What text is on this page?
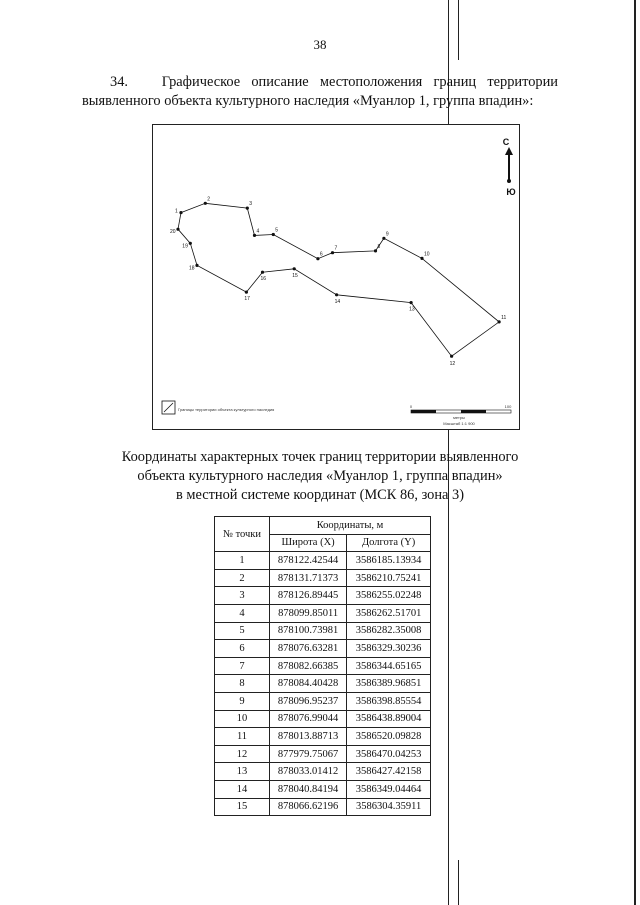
38
34. Графическое описание местоположения границ территории выявленного объекта культурного наследия «Муанлор 1, группа впадин»:
1
2
3
4	5
6
7	8
9
10
11
12
13
14
15
16
17
18
19
20
С
Ю
0	100
метры
Масштаб 1:1 900
Границы территории объекта культурного наследия
Координаты характерных точек границ территории выявленного
объекта культурного наследия «Муанлор 1, группа впадин»
в местной системе координат (МСК 86, зона 3)
№ точки	Координаты, м	
	Широта (X)	Долгота (Y)
1	878122.42544	3586185.13934
2	878131.71373	3586210.75241
3	878126.89445	3586255.02248
4	878099.85011	3586262.51701
5	878100.73981	3586282.35008
6	878076.63281	3586329.30236
7	878082.66385	3586344.65165
8	878084.40428	3586389.96851
9	878096.95237	3586398.85554
10	878076.99044	3586438.89004
11	878013.88713	3586520.09828
12	877979.75067	3586470.04253
13	878033.01412	3586427.42158
14	878040.84194	3586349.04464
15	878066.62196	3586304.35911
